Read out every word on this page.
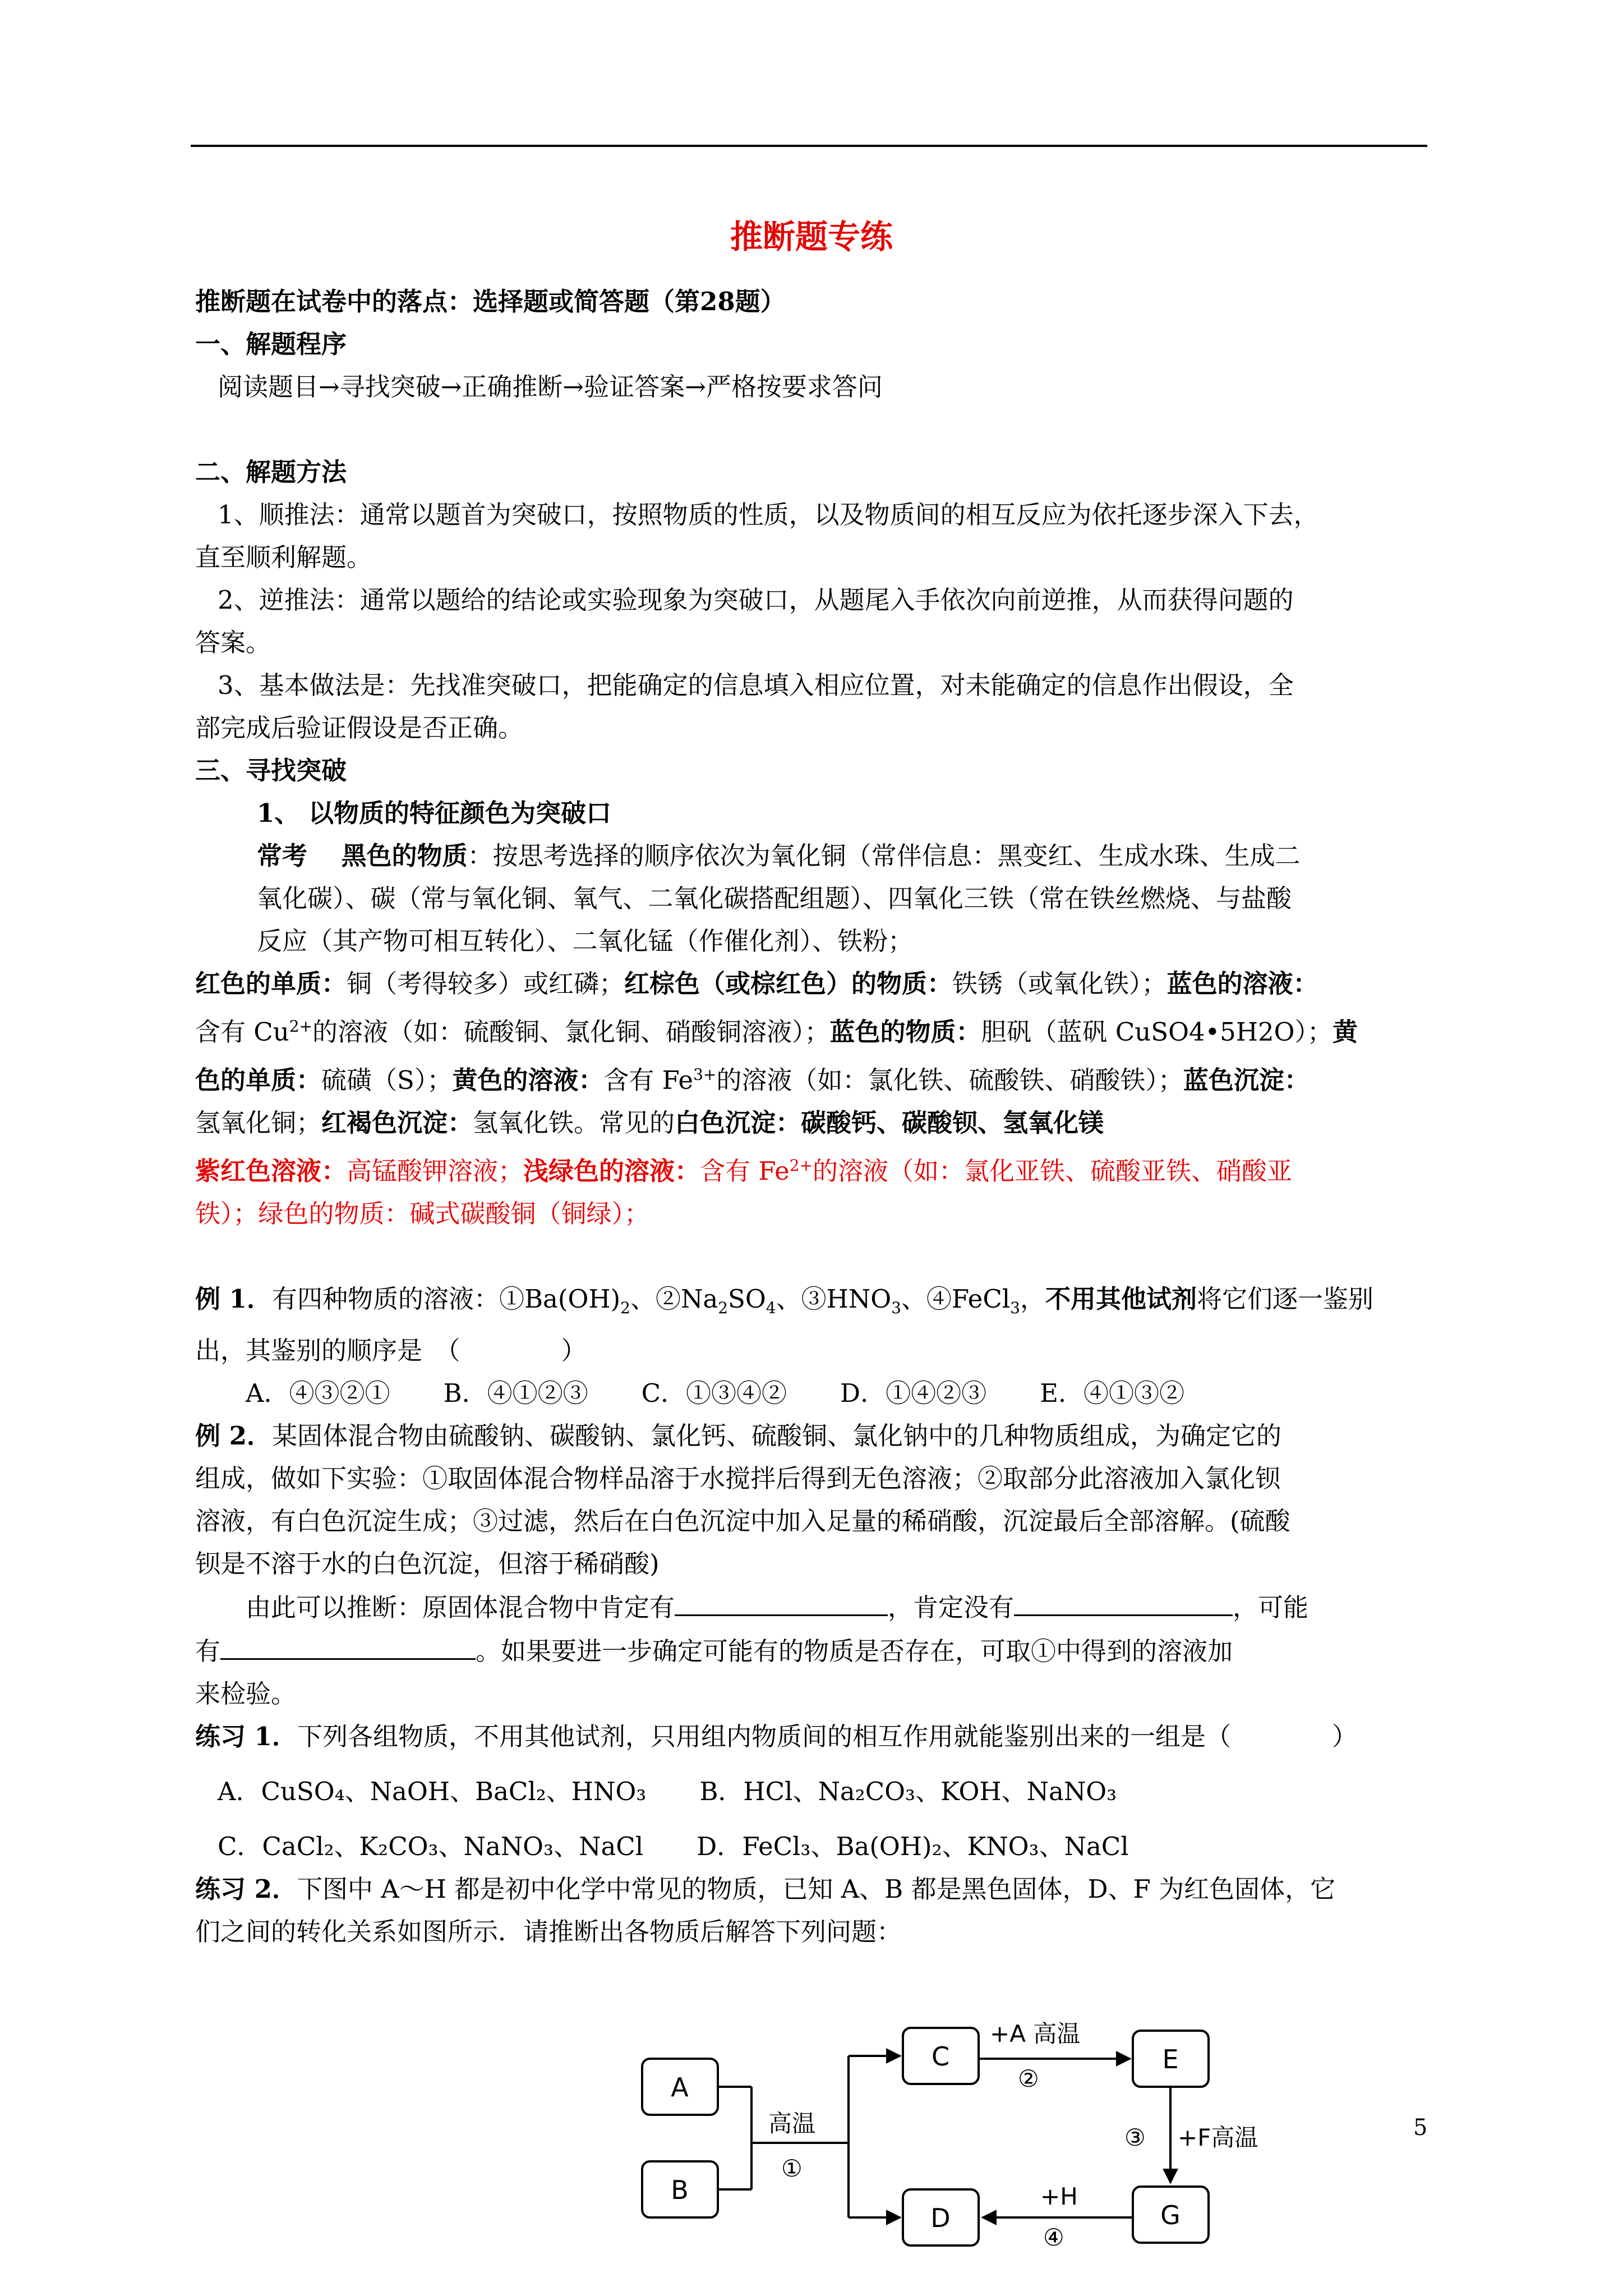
推断题专练

推断题在试卷中的落点：选择题或简答题（第28题）

一、解题程序

阅读题目→寻找突破→正确推断→验证答案→严格按要求答问

二、解题方法

1、顺推法：通常以题首为突破口，按照物质的性质，以及物质间的相互反应为依托逐步深入下去，

直至顺利解题。

2、逆推法：通常以题给的结论或实验现象为突破口，从题尾入手依次向前逆推，从而获得问题的

答案。

3、基本做法是：先找准突破口，把能确定的信息填入相应位置，对未能确定的信息作出假设，全

部完成后验证假设是否正确。

三、寻找突破

1、 以物质的特征颜色为突破口

常考　 黑色的物质：按思考选择的顺序依次为氧化铜（常伴信息：黑变红、生成水珠、生成二

氧化碳）、碳（常与氧化铜、氧气、二氧化碳搭配组题）、四氧化三铁（常在铁丝燃烧、与盐酸

反应（其产物可相互转化）、二氧化锰（作催化剂）、铁粉；

红色的单质：铜（考得较多）或红磷；红棕色（或棕红色）的物质：铁锈（或氧化铁）；蓝色的溶液：

含有 $Cu^{2+}$的溶液（如：硫酸铜、氯化铜、硝酸铜溶液）；蓝色的物质：胆矾（蓝矾 CuSO4•5H2O）；黄

色的单质：硫磺（S）；黄色的溶液：含有 $Fe^{3+}$的溶液（如：氯化铁、硫酸铁、硝酸铁）；蓝色沉淀：

氢氧化铜；红褐色沉淀：氢氧化铁。常见的白色沉淀：碳酸钙、碳酸钡、氢氧化镁

紫红色溶液：高锰酸钾溶液；浅绿色的溶液：含有 $Fe^{2+}$的溶液（如：氯化亚铁、硫酸亚铁、硝酸亚

铁）；绿色的物质：碱式碳酸铜（铜绿）；

例 1．有四种物质的溶液：$①Ba(OH)_2$、$②Na_2SO_4$、$③HNO_3$、④FeCl$_3$，不用其他试剂将它们逐一鉴别

出，其鉴别的顺序是　（　　　　）

A．④③②① B．④①②③ C．①③④② D．①④②③ E．④①③②

例 2．某固体混合物由硫酸钠、碳酸钠、氯化钙、硫酸铜、氯化钠中的几种物质组成，为确定它的

组成，做如下实验：①取固体混合物样品溶于水搅拌后得到无色溶液；②取部分此溶液加入氯化钡

溶液，有白色沉淀生成；③过滤，然后在白色沉淀中加入足量的稀硝酸，沉淀最后全部溶解。(硫酸

钡是不溶于水的白色沉淀，但溶于稀硝酸)

由此可以推断：原固体混合物中肯定有	，肯定没有	，可能

有	。如果要进一步确定可能有的物质是否存在，可取①中得到的溶液加

来检验。

练习 1．下列各组物质，不用其他试剂，只用组内物质间的相互作用就能鉴别出来的一组是（　　　　）

A．CuSO₄、NaOH、BaCl₂、HNO₃ B．HCl、Na₂CO₃、KOH、NaNO₃

C．CaCl₂、K₂CO₃、NaNO₃、NaCl D．FeCl₃、Ba(OH)₂、KNO₃、NaCl

练习 2．下图中 A～H 都是初中化学中常见的物质，已知 A、B 都是黑色固体，D、F 为红色固体，它

们之间的转化关系如图所示．请推断出各物质后解答下列问题：

A
B
C	E
G
D
高温
①
+A 高温
②
③ +F高温
+H
④
5
